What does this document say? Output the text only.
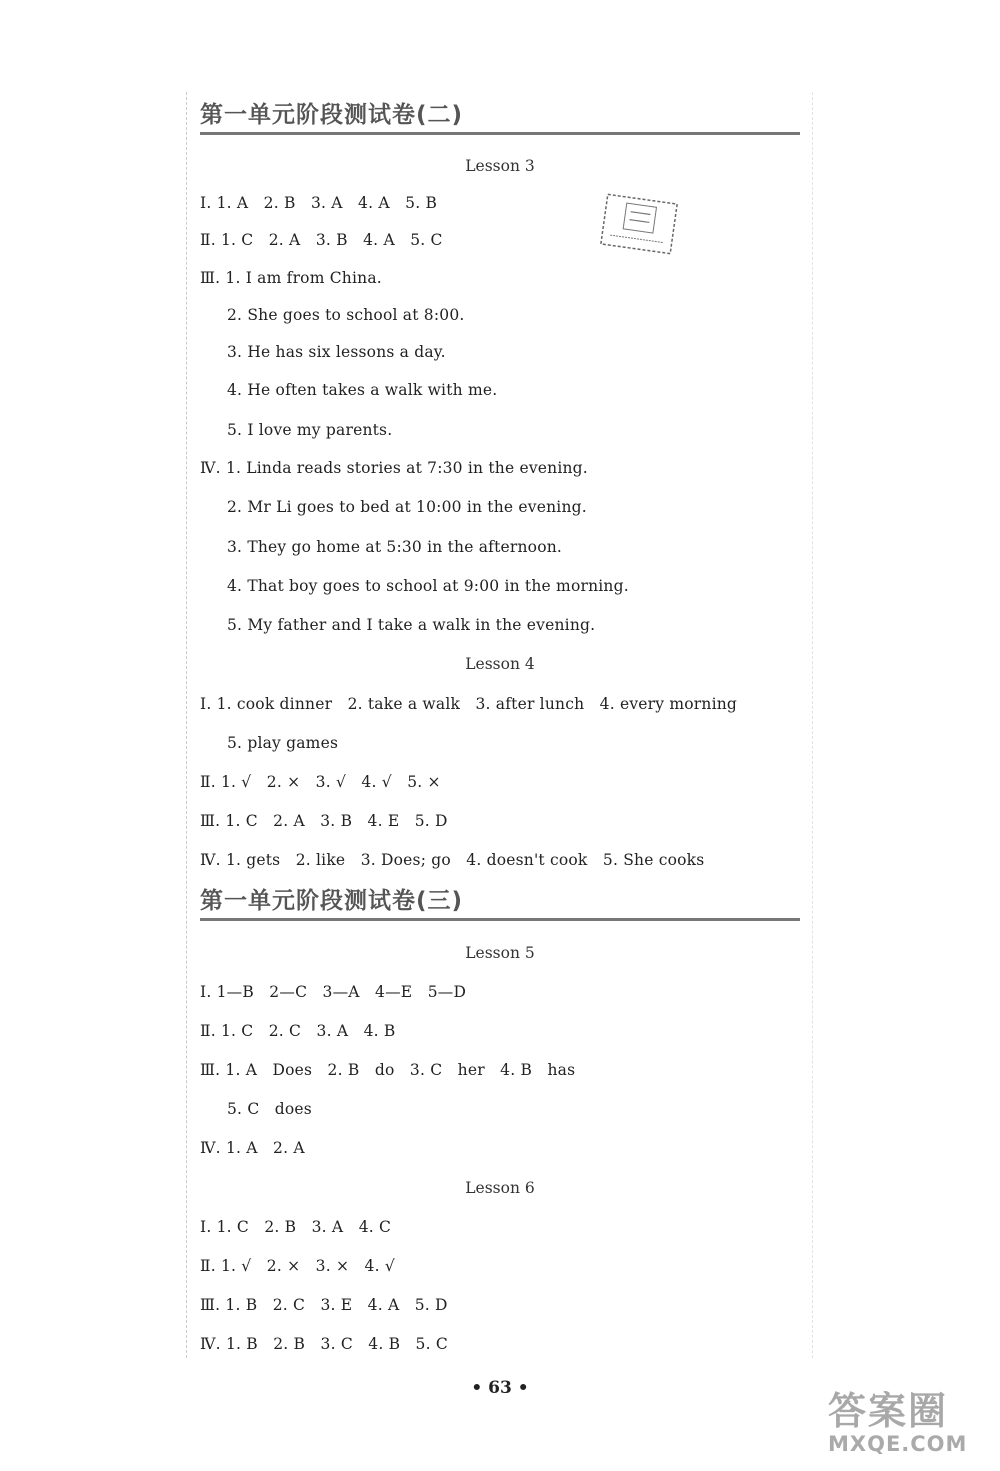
第一单元阶段测试卷(二)
Lesson 3
Ⅰ. 1. A   2. B   3. A   4. A   5. B
Ⅱ. 1. C   2. A   3. B   4. A   5. C
Ⅲ. 1. I am from China.
2. She goes to school at 8:00.
3. He has six lessons a day.
4. He often takes a walk with me.
5. I love my parents.
Ⅳ. 1. Linda reads stories at 7:30 in the evening.
2. Mr Li goes to bed at 10:00 in the evening.
3. They go home at 5:30 in the afternoon.
4. That boy goes to school at 9:00 in the morning.
5. My father and I take a walk in the evening.
Lesson 4
Ⅰ. 1. cook dinner   2. take a walk   3. after lunch   4. every morning
5. play games
Ⅱ. 1. √   2. ×   3. √   4. √   5. ×
Ⅲ. 1. C   2. A   3. B   4. E   5. D
Ⅳ. 1. gets   2. like   3. Does; go   4. doesn't cook   5. She cooks
第一单元阶段测试卷(三)
Lesson 5
Ⅰ. 1—B   2—C   3—A   4—E   5—D
Ⅱ. 1. C   2. C   3. A   4. B
Ⅲ. 1. A   Does   2. B   do   3. C   her   4. B   has
5. C   does
Ⅳ. 1. A   2. A
Lesson 6
Ⅰ. 1. C   2. B   3. A   4. C
Ⅱ. 1. √   2. ×   3. ×   4. √
Ⅲ. 1. B   2. C   3. E   4. A   5. D
Ⅳ. 1. B   2. B   3. C   4. B   5. C
• 63 •
答案圈
MXQE.COM
